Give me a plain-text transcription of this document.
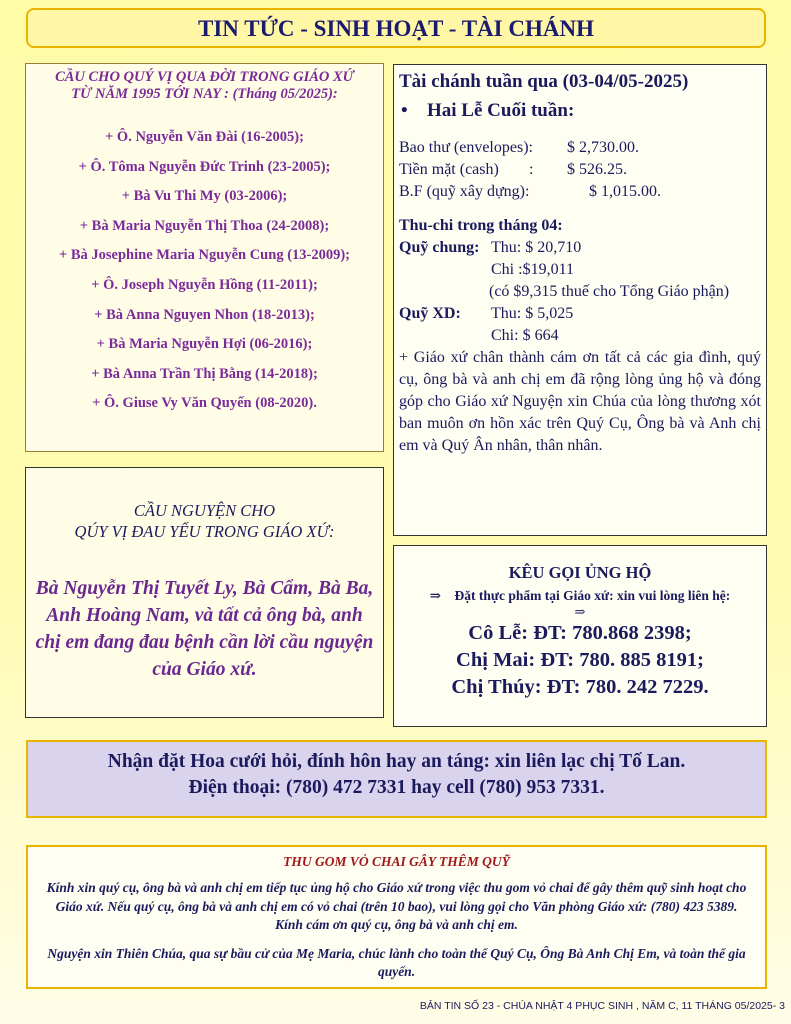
TIN TỨC - SINH HOẠT - TÀI CHÁNH
CẦU CHO QUÝ VỊ QUA ĐỜI TRONG GIÁO XỨ
TỪ NĂM 1995 TỚI NAY : (Tháng 05/2025):
+ Ô. Nguyễn Văn Đài (16-2005);
+ Ô. Tôma Nguyễn Đức Trinh (23-2005);
+ Bà Vu Thi My (03-2006);
+ Bà Maria Nguyễn Thị Thoa (24-2008);
+ Bà Josephine Maria Nguyễn Cung (13-2009);
+ Ô. Joseph Nguyễn Hồng (11-2011);
+ Bà Anna Nguyen Nhon (18-2013);
+ Bà Maria Nguyễn Hợi (06-2016);
+ Bà Anna Trần Thị Bằng (14-2018);
+ Ô. Giuse Vy Văn Quyến (08-2020).
Tài chánh tuần qua (03-04/05-2025)
•	Hai Lễ Cuối tuần:
Bao thư (envelopes):	$ 2,730.00.
Tiền mặt (cash)	:	$ 526.25.
B.F (quỹ xây dựng):	$ 1,015.00.
Thu-chi trong tháng 04:
Quỹ chung: Thu: $ 20,710
Chi :$19,011
(có $9,315 thuế cho Tổng Giáo phận)
Quỹ XD:	Thu: $ 5,025
Chi: $ 664
+ Giáo xứ chân thành cám ơn tất cả các gia đình, quý cụ, ông bà và anh chị em đã rộng lòng ủng hộ và đóng góp cho Giáo xứ Nguyện xin Chúa của lòng thương xót ban muôn ơn hồn xác trên Quý Cụ, Ông bà và Anh chị em và Quý Ân nhân, thân nhân.
CẦU NGUYỆN CHO
QÚY VỊ ĐAU YẾU TRONG GIÁO XỨ:
Bà Nguyễn Thị Tuyết Ly, Bà Cẩm, Bà Ba, Anh Hoàng Nam, và tất cả ông bà, anh chị em đang đau bệnh cần lời cầu nguyện của Giáo xứ.
KÊU GỌI ỦNG HỘ
⇒ Đặt thực phẩm tại Giáo xứ: xin vui lòng liên hệ:
⇒
Cô Lễ: ĐT: 780.868 2398;
Chị Mai: ĐT: 780. 885 8191;
Chị Thúy: ĐT: 780. 242 7229.
Nhận đặt Hoa cưới hỏi, đính hôn hay an táng: xin liên lạc chị Tố Lan.
Điện thoại: (780) 472 7331 hay cell (780) 953 7331.
THU GOM VỎ CHAI GÂY THÊM QUỸ
Kính xin quý cụ, ông bà và anh chị em tiếp tục ủng hộ cho Giáo xứ trong việc thu gom vỏ chai để gây thêm quỹ sinh hoạt cho Giáo xứ. Nếu quý cụ, ông bà và anh chị em có vỏ chai (trên 10 bao), vui lòng gọi cho Văn phòng Giáo xứ: (780) 423 5389. Kính cám ơn quý cụ, ông bà và anh chị em.
Nguyện xin Thiên Chúa, qua sự bầu cử của Mẹ Maria, chúc lành cho toàn thể Quý Cụ, Ông Bà Anh Chị Em, và toàn thể gia quyến.
BẢN TIN SỐ 23 - CHÚA NHẬT 4 PHỤC SINH , NĂM C, 11 THÁNG 05/2025- 3
